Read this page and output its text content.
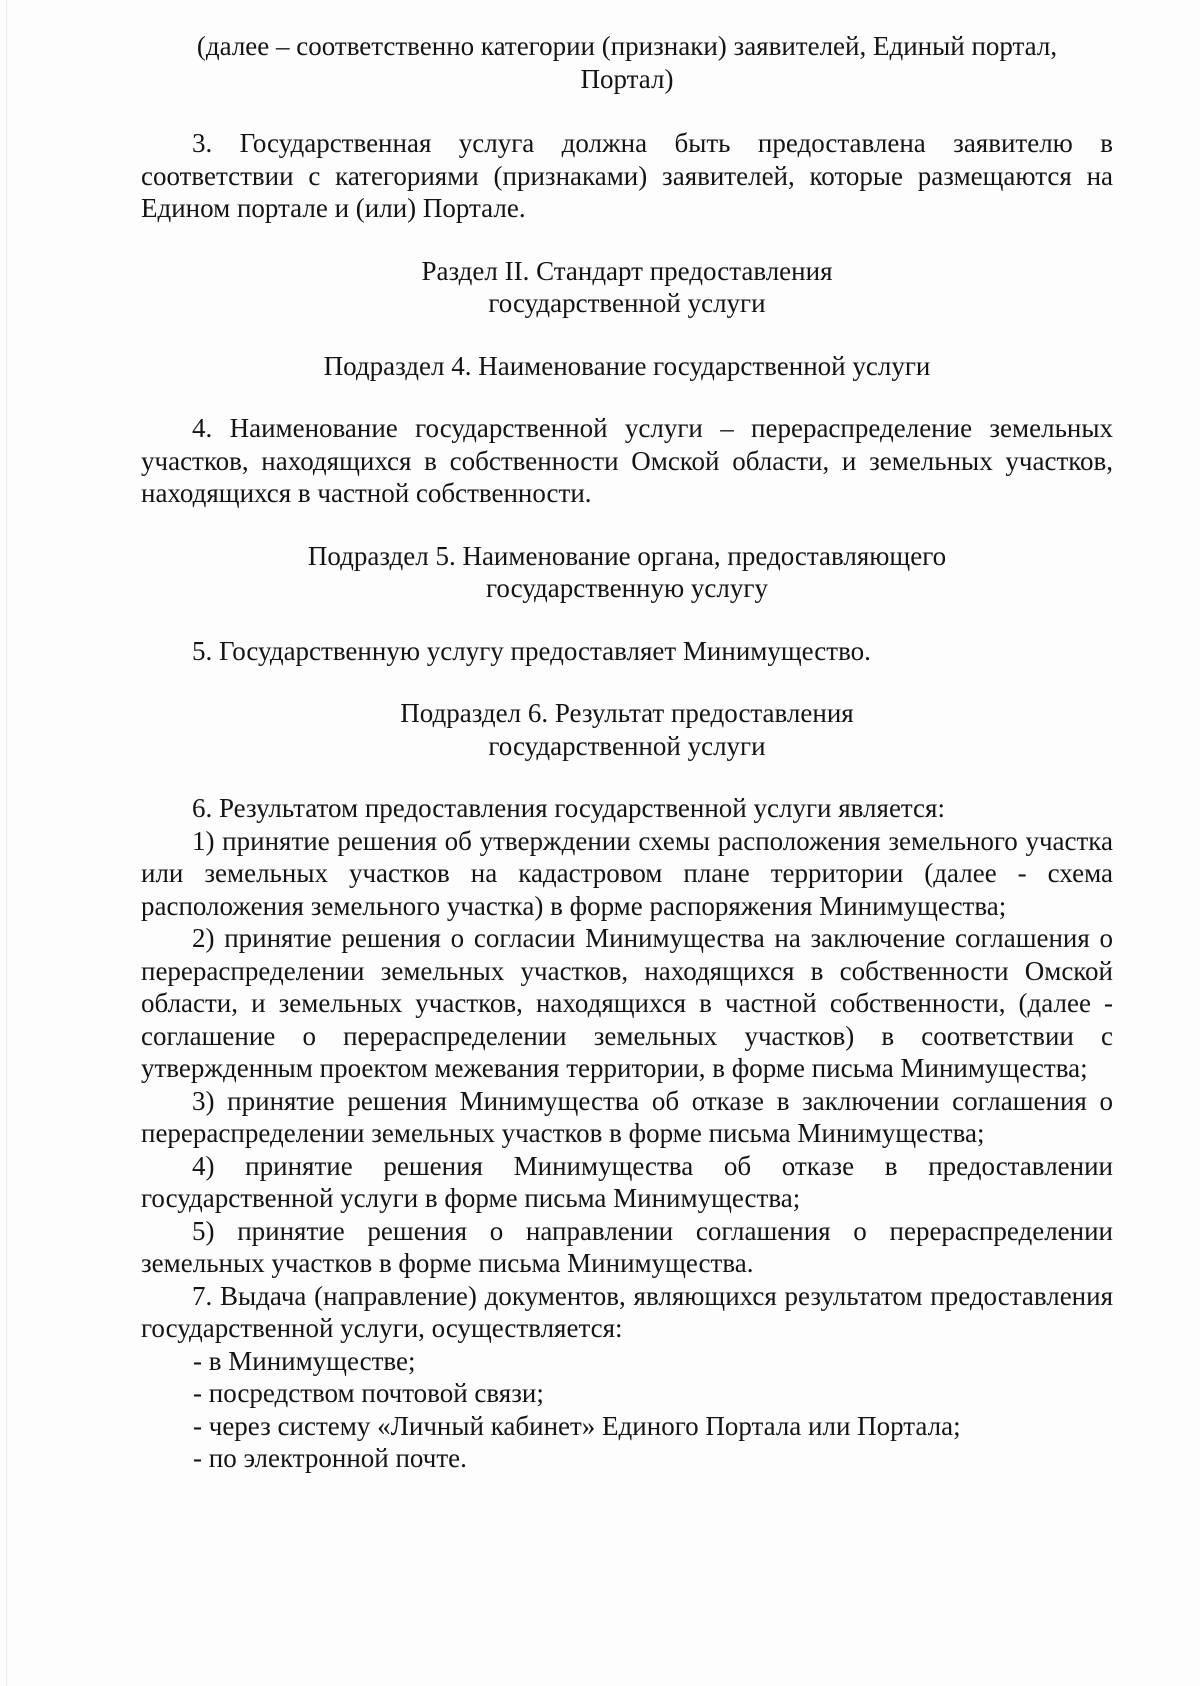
(далее – соответственно категории (признаки) заявителей, Единый портал, Портал)

3. Государственная услуга должна быть предоставлена заявителю в соответствии с категориями (признаками) заявителей, которые размещаются на Едином портале и (или) Портале.

Раздел II. Стандарт предоставления

государственной услуги

Подраздел 4. Наименование государственной услуги

4. Наименование государственной услуги – перераспределение земельных участков, находящихся в собственности Омской области, и земельных участков, находящихся в частной собственности.

Подраздел 5. Наименование органа, предоставляющего

государственную услугу

5. Государственную услугу предоставляет Минимущество.

Подраздел 6. Результат предоставления

государственной услуги

6. Результатом предоставления государственной услуги является:

1) принятие решения об утверждении схемы расположения земельного участка или земельных участков на кадастровом плане территории (далее - схема расположения земельного участка) в форме распоряжения Минимущества;

2) принятие решения о согласии Минимущества на заключение соглашения о перераспределении земельных участков, находящихся в собственности Омской области, и земельных участков, находящихся в частной собственности, (далее - соглашение о перераспределении земельных участков) в соответствии с утвержденным проектом межевания территории, в форме письма Минимущества;

3) принятие решения Минимущества об отказе в заключении соглашения о перераспределении земельных участков в форме письма Минимущества;

4) принятие решения Минимущества об отказе в предоставлении государственной услуги в форме письма Минимущества;

5) принятие решения о направлении соглашения о перераспределении земельных участков в форме письма Минимущества.

7. Выдача (направление) документов, являющихся результатом предоставления государственной услуги, осуществляется:

- в Минимуществе;

- посредством почтовой связи;

- через систему «Личный кабинет» Единого Портала или Портала;

- по электронной почте.
